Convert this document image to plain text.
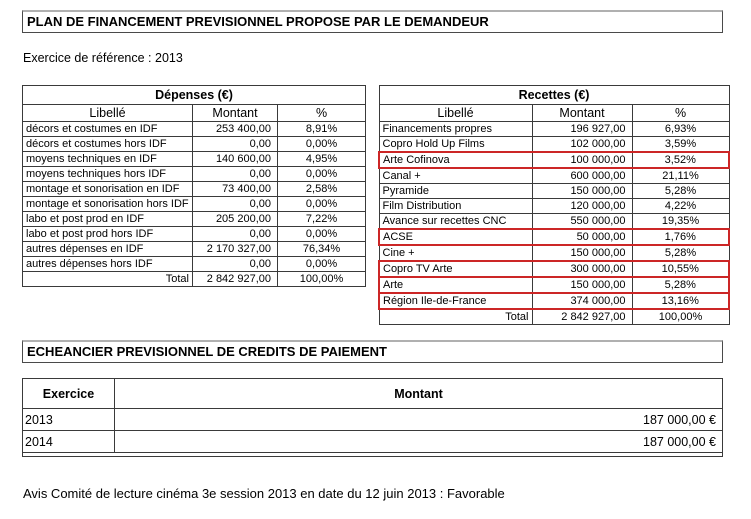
PLAN DE FINANCEMENT PREVISIONNEL PROPOSE PAR LE DEMANDEUR
Exercice de référence : 2013
Dépenses (€)		
Libellé	Montant	%
décors et costumes en IDF	253 400,00	8,91%
décors et costumes hors IDF	0,00	0,00%
moyens techniques en IDF	140 600,00	4,95%
moyens techniques hors IDF	0,00	0,00%
montage et sonorisation en IDF	73 400,00	2,58%
montage et sonorisation hors IDF	0,00	0,00%
labo et post prod en IDF	205 200,00	7,22%
labo et post prod hors IDF	0,00	0,00%
autres dépenses en IDF	2 170 327,00	76,34%
autres dépenses hors IDF	0,00	0,00%
Total	2 842 927,00	100,00%
Recettes (€)		
Libellé	Montant	%
Financements propres	196 927,00	6,93%
Copro Hold Up Films	102 000,00	3,59%
Arte Cofinova	100 000,00	3,52%
Canal +	600 000,00	21,11%
Pyramide	150 000,00	5,28%
Film Distribution	120 000,00	4,22%
Avance sur recettes CNC	550 000,00	19,35%
ACSE	50 000,00	1,76%
Cine +	150 000,00	5,28%
Copro TV Arte	300 000,00	10,55%
Arte	150 000,00	5,28%
Région Ile-de-France	374 000,00	13,16%
Total	2 842 927,00	100,00%
ECHEANCIER PREVISIONNEL DE CREDITS DE PAIEMENT
Exercice	Montant
2013	187 000,00 €
2014	187 000,00 €

Avis Comité de lecture cinéma 3e session 2013 en date du 12 juin 2013 : Favorable
